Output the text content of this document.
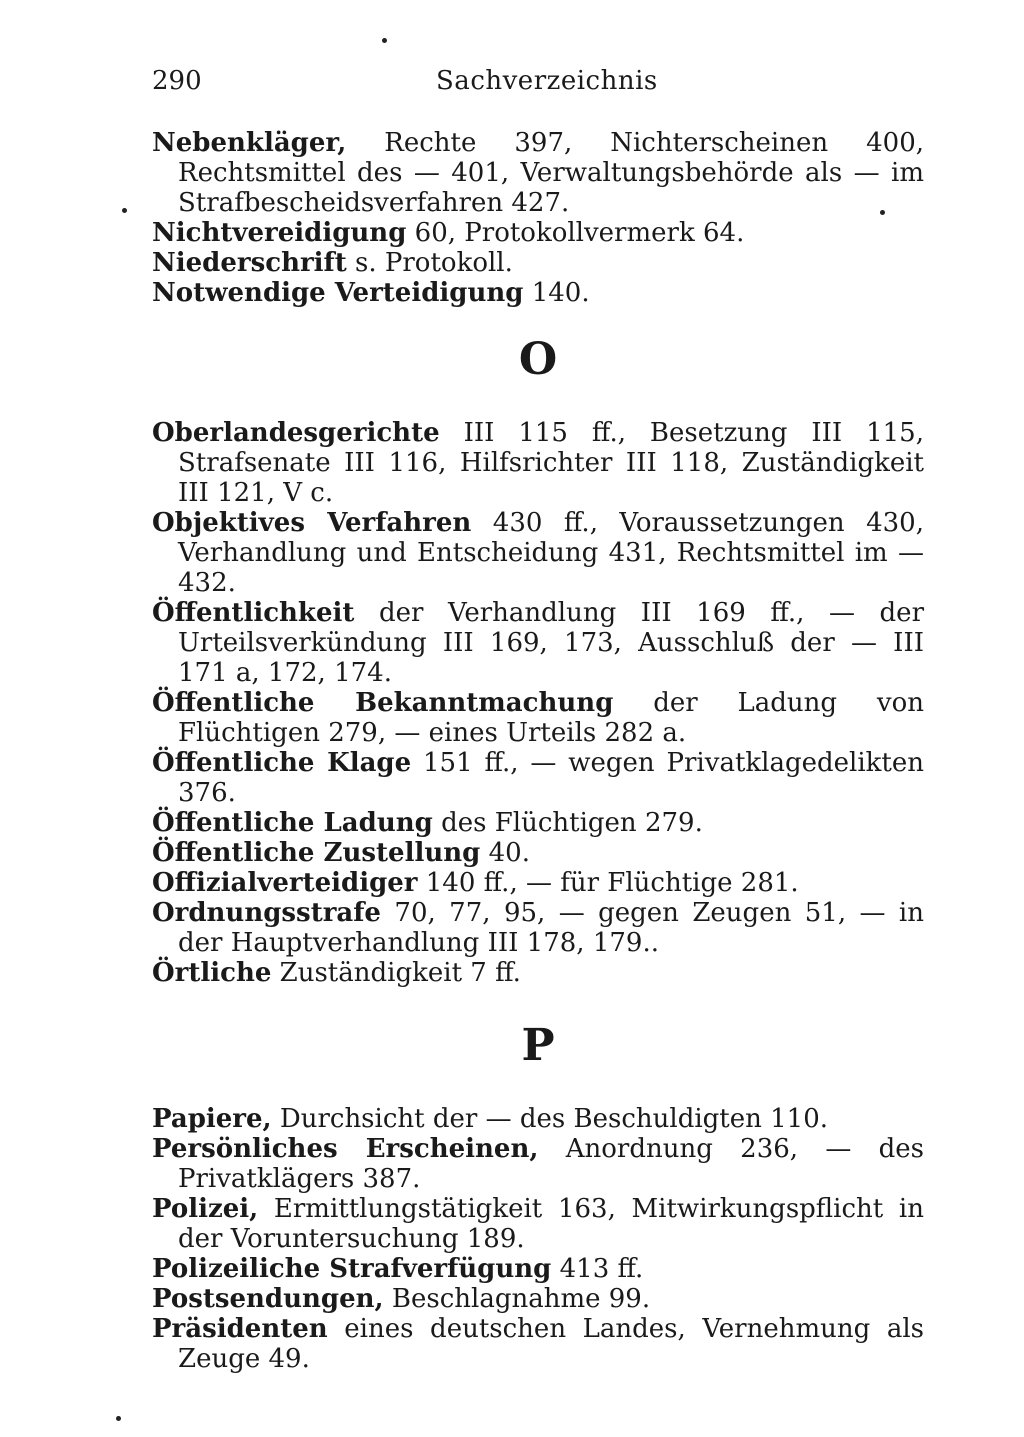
290	Sachverzeichnis

Nebenkläger, Rechte 397, Nichterscheinen 400, Rechtsmittel des — 401, Verwaltungsbehörde als — im Strafbescheidsverfahren 427.

Nichtvereidigung 60, Protokollvermerk 64.

Niederschrift s. Protokoll.

Notwendige Verteidigung 140.

O

Oberlandesgerichte III 115 ff., Besetzung III 115, Strafsenate III 116, Hilfsrichter III 118, Zuständigkeit III 121, V c.

Objektives Verfahren 430 ff., Voraussetzungen 430, Verhandlung und Entscheidung 431, Rechtsmittel im — 432.

Öffentlichkeit der Verhandlung III 169 ff., — der Urteilsverkündung III 169, 173, Ausschluß der — III 171 a, 172, 174.

Öffentliche Bekanntmachung der Ladung von Flüchtigen 279, — eines Urteils 282 a.

Öffentliche Klage 151 ff., — wegen Privatklagedelikten 376.

Öffentliche Ladung des Flüchtigen 279.

Öffentliche Zustellung 40.

Offizialverteidiger 140 ff., — für Flüchtige 281.

Ordnungsstrafe 70, 77, 95, — gegen Zeugen 51, — in der Hauptverhandlung III 178, 179..

Örtliche Zuständigkeit 7 ff.

P

Papiere, Durchsicht der — des Beschuldigten 110.

Persönliches Erscheinen, Anordnung 236, — des Privatklägers 387.

Polizei, Ermittlungstätigkeit 163, Mitwirkungspflicht in der Voruntersuchung 189.

Polizeiliche Strafverfügung 413 ff.

Postsendungen, Beschlagnahme 99.

Präsidenten eines deutschen Landes, Vernehmung als Zeuge 49.
